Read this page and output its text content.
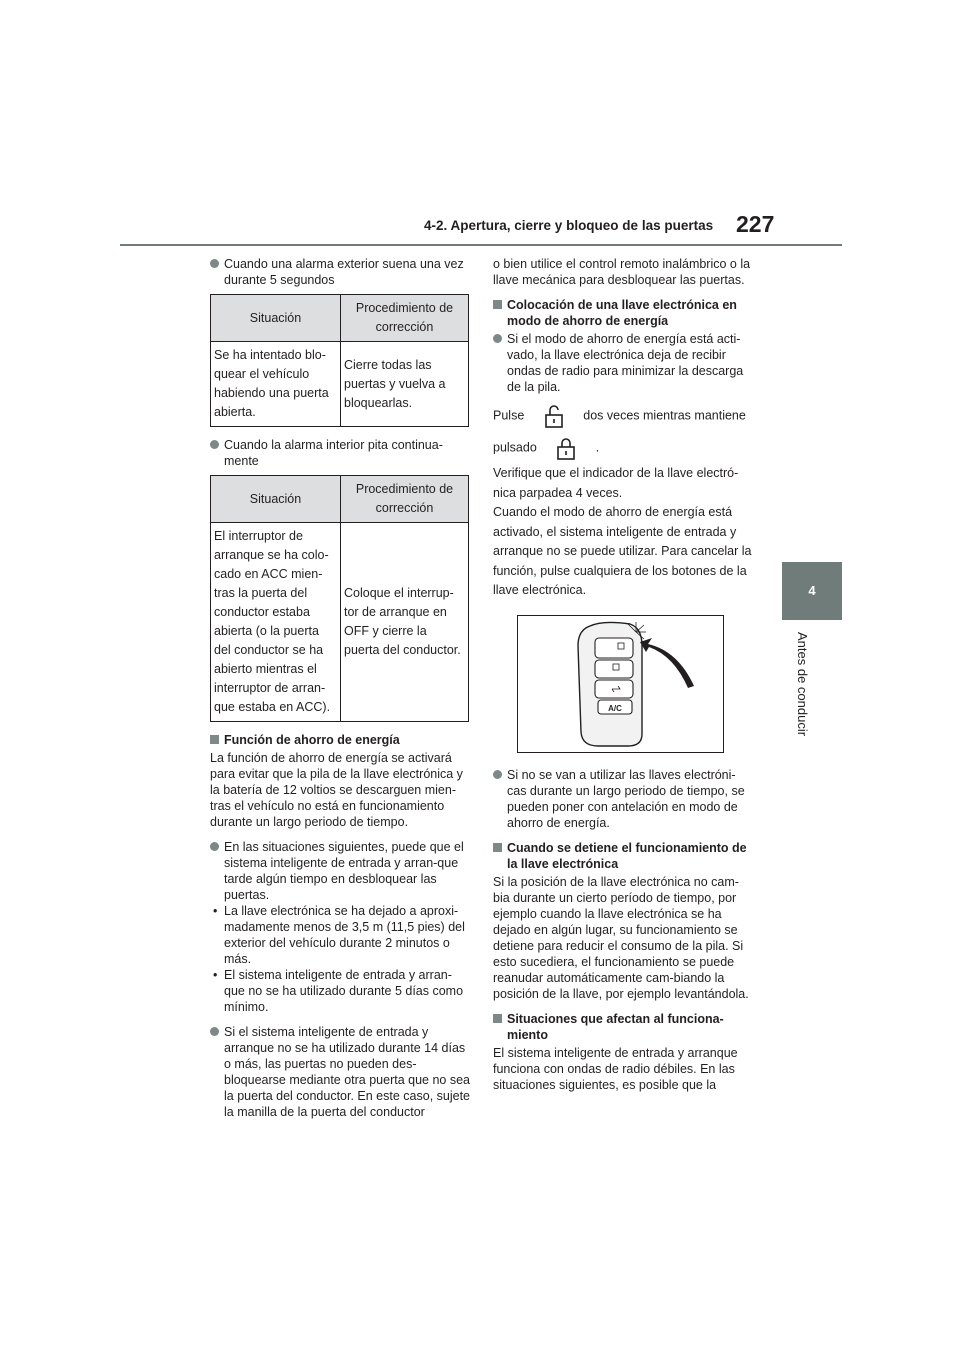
4-2. Apertura, cierre y bloqueo de las puertas 227
4
Antes de conducir

Cuando una alarma exterior suena una vez durante 5 segundos

Situación	Procedimiento de corrección
Se ha intentado blo-quear el vehículo habiendo una puerta abierta.	Cierre todas las puertas y vuelva a bloquearlas.

Cuando la alarma interior pita continua-mente

Situación	Procedimiento de corrección
El interruptor de arranque se ha colo-cado en ACC mien-tras la puerta del conductor estaba abierta (o la puerta del conductor se ha abierto mientras el interruptor de arran-que estaba en ACC).	Coloque el interrup-tor de arranque en OFF y cierre la puerta del conductor.

Función de ahorro de energía

La función de ahorro de energía se activará para evitar que la pila de la llave electrónica y la batería de 12 voltios se descarguen mien-tras el vehículo no está en funcionamiento durante un largo periodo de tiempo.

En las situaciones siguientes, puede que el sistema inteligente de entrada y arran-que tarde algún tiempo en desbloquear las puertas.

• La llave electrónica se ha dejado a aproxi-madamente menos de 3,5 m (11,5 pies) del exterior del vehículo durante 2 minutos o más.

• El sistema inteligente de entrada y arran-que no se ha utilizado durante 5 días como mínimo.

Si el sistema inteligente de entrada y arranque no se ha utilizado durante 14 días o más, las puertas no pueden des-bloquearse mediante otra puerta que no sea la puerta del conductor. En este caso, sujete la manilla de la puerta del conductor

o bien utilice el control remoto inalámbrico o la llave mecánica para desbloquear las puertas.

Colocación de una llave electrónica en modo de ahorro de energía

Si el modo de ahorro de energía está acti-vado, la llave electrónica deja de recibir ondas de radio para minimizar la descarga de la pila.

Pulse	dos veces mientras mantiene

pulsado	.

Verifique que el indicador de la llave electró-nica parpadea 4 veces.

Cuando el modo de ahorro de energía está activado, el sistema inteligente de entrada y arranque no se puede utilizar. Para cancelar la función, pulse cualquiera de los botones de la llave electrónica.

A/C

Si no se van a utilizar las llaves electróni-cas durante un largo periodo de tiempo, se pueden poner con antelación en modo de ahorro de energía.

Cuando se detiene el funcionamiento de la llave electrónica

Si la posición de la llave electrónica no cam-bia durante un cierto período de tiempo, por ejemplo cuando la llave electrónica se ha dejado en algún lugar, su funcionamiento se detiene para reducir el consumo de la pila. Si esto sucediera, el funcionamiento se puede reanudar automáticamente cam-biando la posición de la llave, por ejemplo levantándola.

Situaciones que afectan al funciona-miento

El sistema inteligente de entrada y arranque funciona con ondas de radio débiles. En las situaciones siguientes, es posible que la
